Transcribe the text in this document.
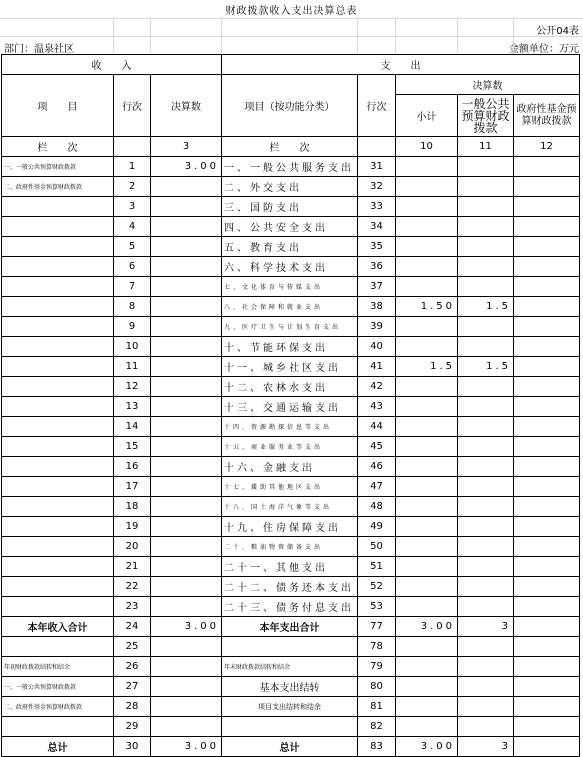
财政拨款收入支出决算总表
公开04表
部门：温泉社区	金额单位：万元
收　　入			支　　出				
项　　目	行次	决算数	项目（按功能分类）	行次	决算数		
					小计	一般公共预算财政拨款	政府性基金预算财政拨款
栏　　次		3	栏　　次		10	11	12
一、一般公共预算财政拨款	1	3.00	一、一般公共服务支出	31			
二、政府性基金预算财政拨款	2		二、外交支出	32			
	3		三、国防支出	33			
	4		四、公共安全支出	34			
	5		五、教育支出	35			
	6		六、科学技术支出	36			
	7		七、文化体育与传媒支出	37			
	8		八、社会保障和就业支出	38	1.50	1.5	
	9		九、医疗卫生与计划生育支出	39			
	10		十、节能环保支出	40			
	11		十一、城乡社区支出	41	1.5	1.5	
	12		十二、农林水支出	42			
	13		十三、交通运输支出	43			
	14		十四、资源勘探信息等支出	44			
	15		十五、商业服务业等支出	45			
	16		十六、金融支出	46			
	17		十七、援助其他地区支出	47			
	18		十八、国土海洋气象等支出	48			
	19		十九、住房保障支出	49			
	20		二十、粮油物资储备支出	50			
	21		二十一、其他支出	51			
	22		二十二、债务还本支出	52			
	23		二十三、债务付息支出	53			
本年收入合计	24	3.00	本年支出合计	77	3.00	3	
	25			78			
年初财政拨款结转和结余	26		年末财政拨款结转和结余	79			
一、一般公共预算财政拨款	27		基本支出结转	80			
二、政府性基金预算财政拨款	28		项目支出结转和结余	81			
	29			82			
总计	30	3.00	总计	83	3.00	3	
